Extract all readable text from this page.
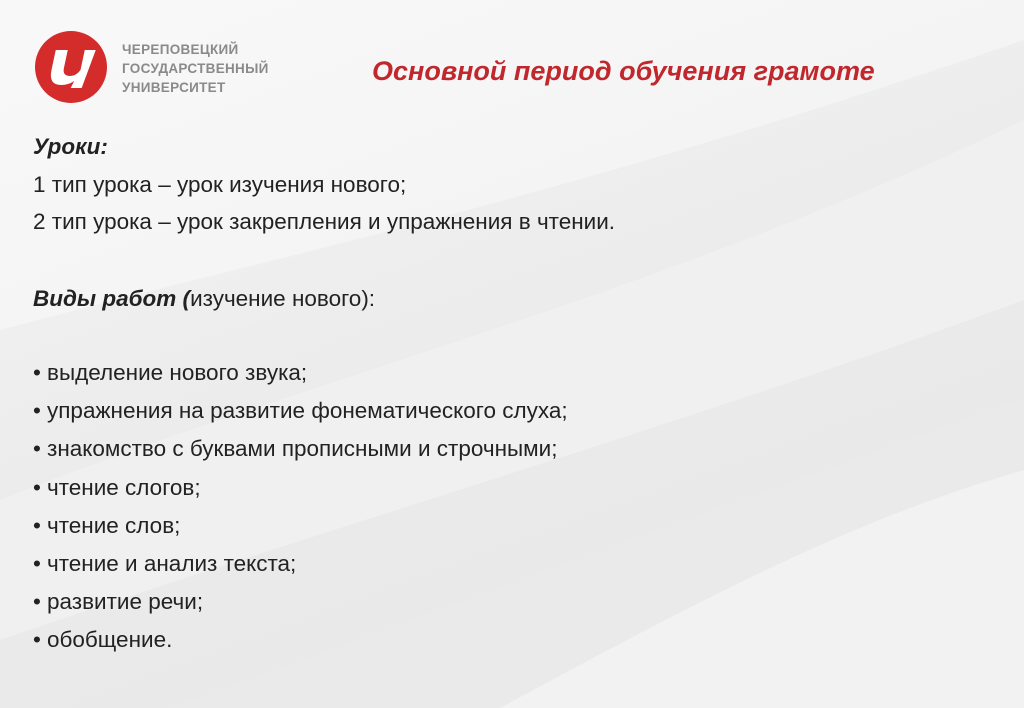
ЧЕРЕПОВЕЦКИЙ
ГОСУДАРСТВЕННЫЙ
УНИВЕРСИТЕТ
Основной период обучения грамоте
Уроки:
1 тип урока – урок изучения нового;
2 тип урока – урок закрепления и упражнения в чтении.
Виды работ (изучение нового):
• выделение нового звука;
• упражнения на развитие фонематического слуха;
• знакомство с буквами прописными и строчными;
• чтение слогов;
• чтение слов;
• чтение и анализ текста;
• развитие речи;
• обобщение.
